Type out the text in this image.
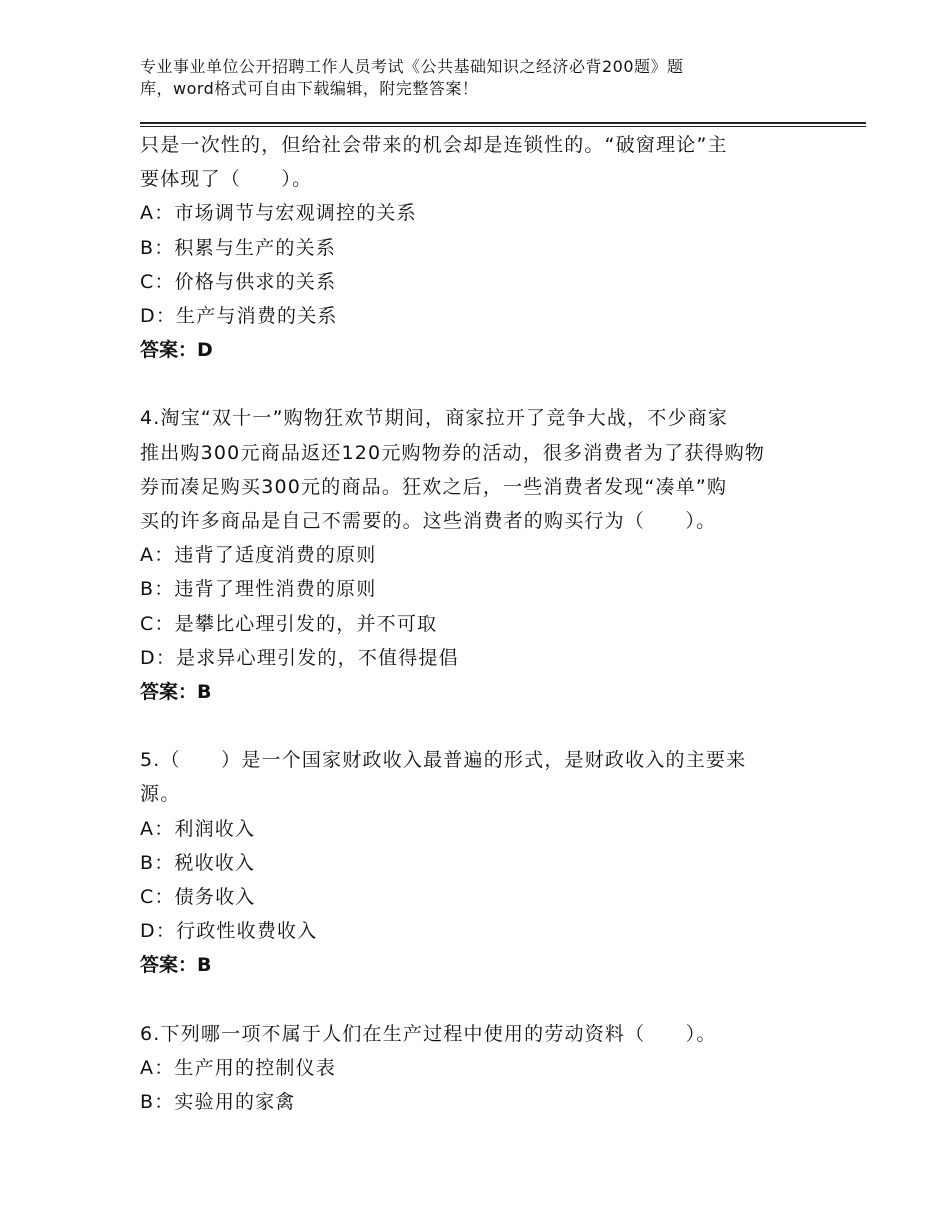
专业事业单位公开招聘工作人员考试《公共基础知识之经济必背200题》题
库，word格式可自由下载编辑，附完整答案！
只是一次性的，但给社会带来的机会却是连锁性的。“破窗理论”主
要体现了（　　）。
A：市场调节与宏观调控的关系
B：积累与生产的关系
C：价格与供求的关系
D：生产与消费的关系
答案：D
4.淘宝“双十一”购物狂欢节期间，商家拉开了竞争大战，不少商家
推出购300元商品返还120元购物券的活动，很多消费者为了获得购物
券而凑足购买300元的商品。狂欢之后，一些消费者发现“凑单”购
买的许多商品是自己不需要的。这些消费者的购买行为（　　）。
A：违背了适度消费的原则
B：违背了理性消费的原则
C：是攀比心理引发的，并不可取
D：是求异心理引发的，不值得提倡
答案：B
5.（　　）是一个国家财政收入最普遍的形式，是财政收入的主要来
源。
A：利润收入
B：税收收入
C：债务收入
D：行政性收费收入
答案：B
6.下列哪一项不属于人们在生产过程中使用的劳动资料（　　）。
A：生产用的控制仪表
B：实验用的家禽
